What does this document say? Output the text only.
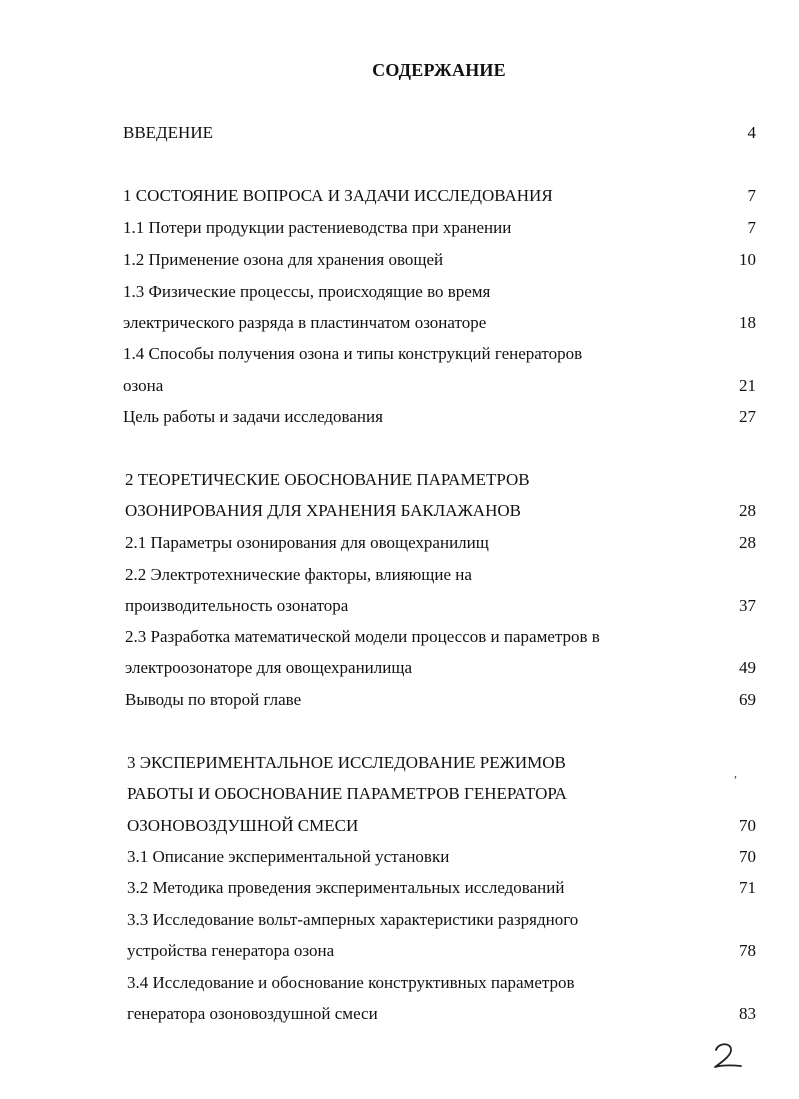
СОДЕРЖАНИЕ
ВВЕДЕНИЕ	4
1 СОСТОЯНИЕ ВОПРОСА И ЗАДАЧИ ИССЛЕДОВАНИЯ	7
1.1 Потери продукции растениеводства при хранении	7
1.2 Применение озона для хранения овощей	10
1.3 Физические процессы, происходящие во время
электрического разряда в пластинчатом озонаторе	18
1.4 Способы получения озона и типы конструкций генераторов
озона	21
Цель работы и задачи исследования	27
2 ТЕОРЕТИЧЕСКИЕ ОБОСНОВАНИЕ ПАРАМЕТРОВ
ОЗОНИРОВАНИЯ ДЛЯ ХРАНЕНИЯ БАКЛАЖАНОВ	28
2.1 Параметры озонирования для овощехранилищ	28
2.2 Электротехнические факторы, влияющие на
производительность озонатора	37
2.3 Разработка математической модели процессов и параметров в
электроозонаторе для овощехранилища	49
Выводы по второй главе	69
3 ЭКСПЕРИМЕНТАЛЬНОЕ ИССЛЕДОВАНИЕ РЕЖИМОВ
,
РАБОТЫ И ОБОСНОВАНИЕ ПАРАМЕТРОВ ГЕНЕРАТОРА
ОЗОНОВОЗДУШНОЙ СМЕСИ	70
3.1 Описание экспериментальной установки	70
3.2 Методика проведения экспериментальных исследований	71
3.3 Исследование вольт-амперных характеристики разрядного
устройства генератора озона	78
3.4 Исследование и обоснование конструктивных параметров
генератора озоновоздушной смеси	83
